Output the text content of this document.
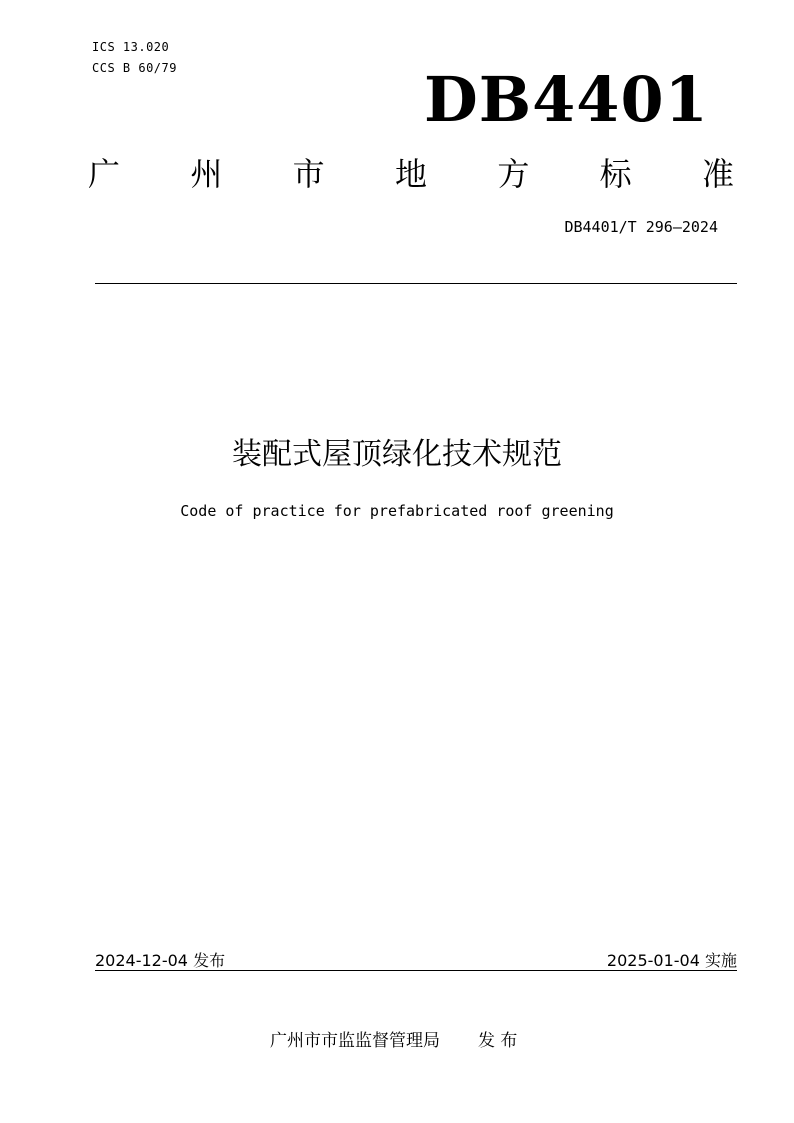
ICS 13.020
CCS B 60/79	DB4401
广 州 市 地 方 标 准
DB4401/T 296—2024
装配式屋顶绿化技术规范
Code of practice for prefabricated roof greening
2024-12-04 发布	2025-01-04 实施
广州市市监监督管理局 发 布
